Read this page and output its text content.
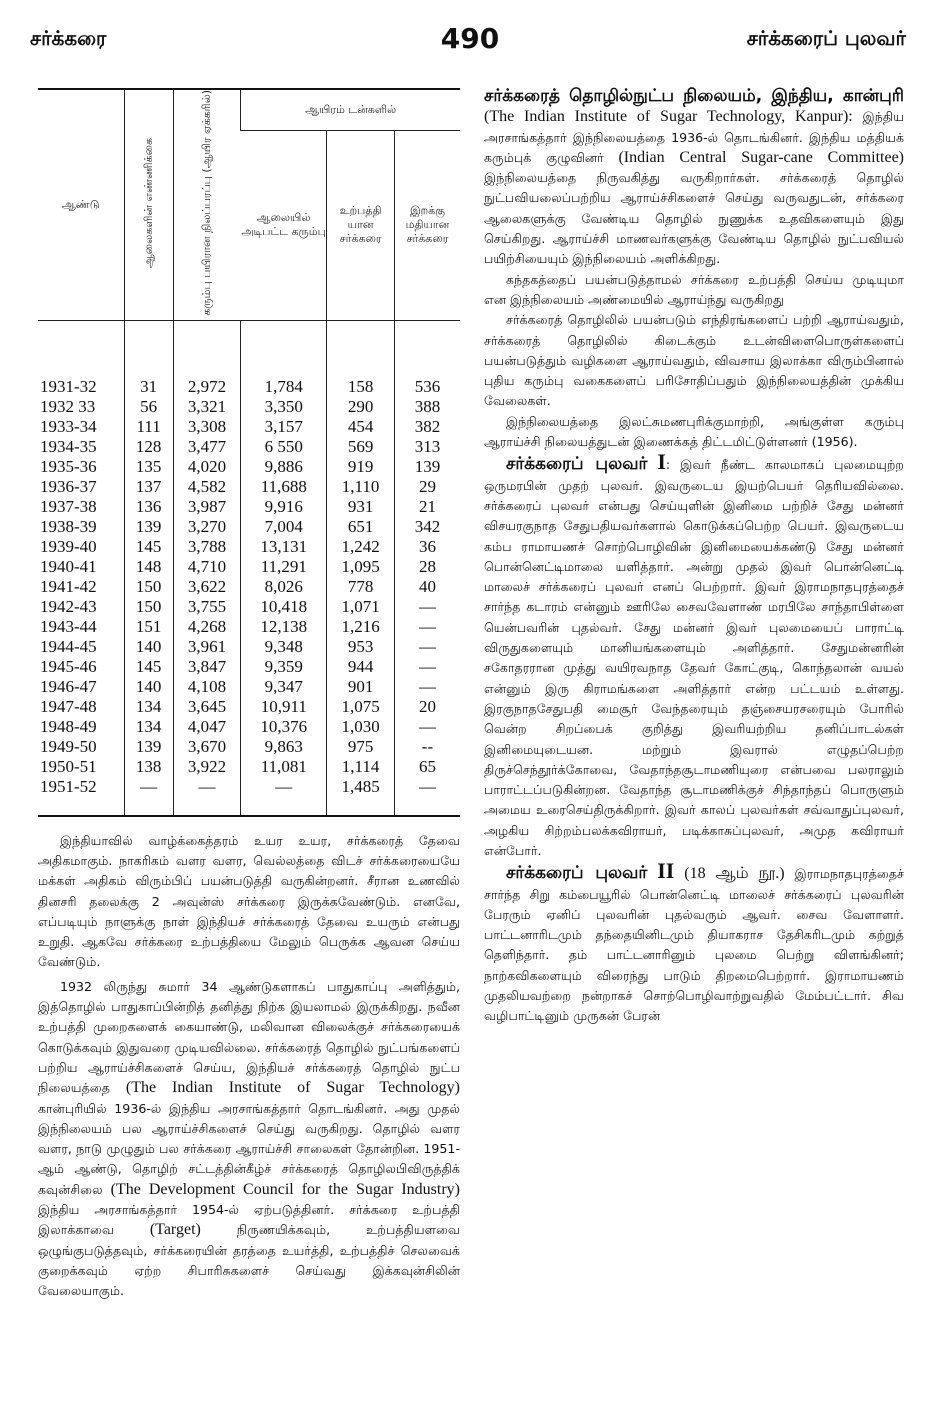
சர்க்கரை	490	சர்க்கரைப் புலவர்
ஆண்டு	ஆலைகளின் எண்ணிக்கை	கரும்பு பயிரான நிலப்பரப்பு (ஆயிர ஏக்கரில்)	ஆயிரம் டன்களில்		
			ஆலையில் அடிபட்ட கரும்பு	உற்பத்தி யான சர்க்கரை	இறக்கு மதியான சர்க்கரை

1931-32	31	2,972	1,784	158	536
1932 33	56	3,321	3,350	290	388
1933-34	111	3,308	3,157	454	382
1934-35	128	3,477	6 550	569	313
1935-36	135	4,020	9,886	919	139
1936-37	137	4,582	11,688	1,110	29
1937-38	136	3,987	9,916	931	21
1938-39	139	3,270	7,004	651	342
1939-40	145	3,788	13,131	1,242	36
1940-41	148	4,710	11,291	1,095	28
1941-42	150	3,622	8,026	778	40
1942-43	150	3,755	10,418	1,071	—
1943-44	151	4,268	12,138	1,216	—
1944-45	140	3,961	9,348	953	—
1945-46	145	3,847	9,359	944	—
1946-47	140	4,108	9,347	901	—
1947-48	134	3,645	10,911	1,075	20
1948-49	134	4,047	10,376	1,030	—
1949-50	139	3,670	9,863	975	--
1950-51	138	3,922	11,081	1,114	65
1951-52	—	—	—	1,485	—

இந்தியாவில் வாழ்க்கைத்தரம் உயர உயர, சர்க்கரைத் தேவை அதிகமாகும். நாகரிகம் வளர வளர, வெல்லத்தை விடச் சர்க்கரையையே மக்கள் அதிகம் விரும்பிப் பயன்படுத்தி வருகின்றனர். சீரான உணவில் தினசரி தலைக்கு 2 அவுன்ஸ் சர்க்கரை இருக்கவேண்டும். எனவே, எப்படியும் நாளுக்கு நாள் இந்தியச் சர்க்கரைத் தேவை உயரும் என்பது உறுதி. ஆகவே சர்க்கரை உற்பத்தியை மேலும் பெருக்க ஆவன செய்ய வேண்டும்.

1932 லிருந்து சுமார் 34 ஆண்டுகளாகப் பாதுகாப்பு அளித்தும், இத்தொழில் பாதுகாப்பின்றித் தனித்து நிற்க இயலாமல் இருக்கிறது. நவீன உற்பத்தி முறைகளைக் கையாண்டு, மலிவான விலைக்குச் சர்க்கரையைக் கொடுக்கவும் இதுவரை முடியவில்லை. சர்க்கரைத் தொழில் நுட்பங்களைப் பற்றிய ஆராய்ச்சிகளைச் செய்ய, இந்தியச் சர்க்கரைத் தொழில் நுட்ப நிலையத்தை (The Indian Institute of Sugar Technology) கான்புரியில் 1936-ல் இந்திய அரசாங்கத்தார் தொடங்கினர். அது முதல் இந்நிலையம் பல ஆராய்ச்சிகளைச் செய்து வருகிறது. தொழில் வளர வளர, நாடு முழுதும் பல சர்க்கரை ஆராய்ச்சி சாலைகள் தோன்றின. 1951-ஆம் ஆண்டு, தொழிற் சட்டத்தின்கீழ்ச் சர்க்கரைத் தொழிலபிவிருத்திக் கவுன்சிலை (The Development Council for the Sugar Industry) இந்திய அரசாங்கத்தார் 1954-ல் ஏற்படுத்தினர். சர்க்கரை உற்பத்தி இலாக்காவை (Target)	நிருணயிக்கவும், உற்பத்தியளவை ஒழுங்குபடுத்தவும், சர்க்கரையின் தரத்தை உயர்த்தி, உற்பத்திச் செலவைக் குறைக்கவும் ஏற்ற சிபாரிசுகளைச் செய்வது இக்கவுன்சிலின் வேலையாகும்.

சர்க்கரைத் தொழில்நுட்ப நிலையம், இந்திய, கான்புரி (The Indian Institute of Sugar Technology, Kanpur): இந்திய அரசாங்கத்தார் இந்நிலையத்தை 1936-ல் தொடங்கினர். இந்திய மத்தியக் கரும்புக் குழுவினர் (Indian Central Sugar-cane Committee) இந்நிலையத்தை நிருவகித்து வருகிறார்கள். சர்க்கரைத் தொழில் நுட்பவியலைப்பற்றிய ஆராய்ச்சிகளைச் செய்து வருவதுடன், சர்க்கரை ஆலைகளுக்கு வேண்டிய தொழில் நுணுக்க உதவிகளையும் இது செய்கிறது. ஆராய்ச்சி மாணவர்களுக்கு வேண்டிய தொழில் நுட்பவியல் பயிற்சியையும் இந்நிலையம் அளிக்கிறது.

கந்தகத்தைப் பயன்படுத்தாமல் சர்க்கரை உற்பத்தி செய்ய முடியுமா என இந்நிலையம் அண்மையில் ஆராய்ந்து வருகிறது

சர்க்கரைத் தொழிலில் பயன்படும் எந்திரங்களைப் பற்றி ஆராய்வதும், சர்க்கரைத் தொழிலில் கிடைக்கும் உடன்விளைபொருள்களைப் பயன்படுத்தும் வழிகளை ஆராய்வதும், விவசாய இலாக்கா விரும்பினால் புதிய கரும்பு வகைகளைப் பரிசோதிப்பதும் இந்நிலையத்தின் முக்கிய வேலைகள்.

இந்நிலையத்தை இலட்சுமணபுரிக்குமாற்றி, அங்குள்ள கரும்பு ஆராய்ச்சி நிலையத்துடன் இணைக்கத் திட்டமிட்டுள்ளனர் (1956).

சர்க்கரைப் புலவர் I: இவர் நீண்ட காலமாகப் புலமையுற்ற ஒருமரபின் முதற் புலவர். இவருடைய இயற்பெயர் தெரியவில்லை. சர்க்கரைப் புலவர் என்பது செய்யுளின் இனிமை பற்றிச் சேது மன்னர் விசயரகுநாத சேதுபதியவர்களால் கொடுக்கப்பெற்ற பெயர். இவருடைய கம்ப ராமாயணச் சொற்பொழிவின் இனிமையைக்கண்டு சேது மன்னர் பொன்னெட்டிமாலை யளித்தார். அன்று முதல் இவர் பொன்னெட்டி மாலைச் சர்க்கரைப் புலவர் எனப் பெற்றார். இவர் இராமநாதபுரத்தைச் சார்ந்த கடாரம் என்னும் ஊரிலே சைவவேளாண் மரபிலே சாந்தாபிள்ளை யென்பவரின் புதல்வர். சேது மன்னர் இவர் புலமையைப் பாராட்டி விருதுகளையும் மானியங்களையும் அளித்தார். சேதுமன்னரின் சகோதரரான முத்து வயிரவநாத தேவர் கோட்குடி, கொந்தலான் வயல் என்னும் இரு கிராமங்களை அளித்தார் என்ற பட்டயம் உள்ளது. இரகுநாதசேதுபதி மைசூர் வேந்தரையும் தஞ்சையரசரையும் போரில் வென்ற சிறப்பைக் குறித்து இவரியற்றிய தனிப்பாடல்கள் இனிமையுடையன. மற்றும் இவரால் எழுதப்பெற்ற திருச்செந்தூர்க்கோவை, வேதாந்தசூடாமணியுரை என்பவை பலராலும் பாராட்டப்படுகின்றன. வேதாந்த சூடாமணிக்குச் சிந்தாந்தப் பொருளும் அமைய உரைசெய்திருக்கிறார். இவர் காலப் புலவர்கள் சவ்வாதுப்புலவர், அழகிய சிற்றம்பலக்கவிராயர், படிக்காசுப்புலவர், அமுத கவிராயர் என்போர்.

சர்க்கரைப் புலவர் II (18 ஆம் நூ.) இராமநாதபுரத்தைச் சார்ந்த சிறு கம்பையூரில் பொன்னெட்டி மாலைச் சர்க்கரைப் புலவரின் பேரரும் ஏனிப் புலவரின் புதல்வரும் ஆவர். சைவ வேளாளர். பாட்டனாரிடமும் தந்தையினிடமும் தியாகராச தேசிகரிடமும் கற்றுத் தெளிந்தார். தம் பாட்டனாரினும் புலமை பெற்று விளங்கினர்; நாற்கவிகளையும் விரைந்து பாடும் திறமைபெற்றார். இராமாயணம் முதலியவற்றை நன்றாகச் சொற்பொழிவாற்றுவதில் மேம்பட்டார். சிவ வழிபாட்டினும் முருகன் பேரன்
